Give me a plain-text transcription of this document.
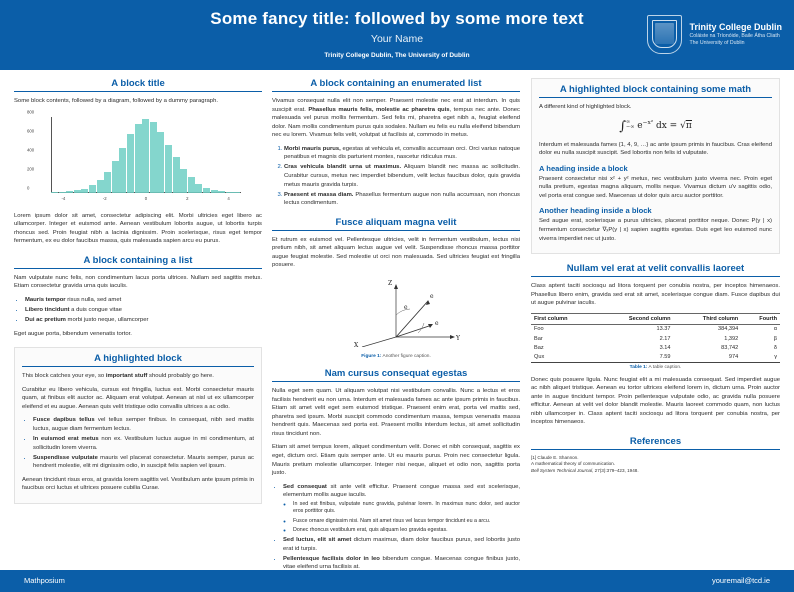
Some fancy title: followed by some more text
Your Name
Trinity College Dublin, The University of Dublin
Trinity College Dublin
Coláiste na Tríonóide, Baile Átha Cliath
The University of Dublin
A block title

Some block contents, followed by a diagram, followed by a dummy paragraph.

-4	-2	0	2	4
0
200
400
600
800

Lorem ipsum dolor sit amet, consectetur adipiscing elit. Morbi ultricies eget libero ac ullamcorper. Integer et euismod ante. Aenean vestibulum lobortis augue, ut lobortis turpis rhoncus sed. Proin feugiat nibh a lacinia dignissim. Proin scelerisque, risus eget tempor fermentum, ex eu dolor faucibus massa, quis malesuada sapien arcu eu purus.

A block containing a list

Nam vulputate nunc felis, non condimentum lacus porta ultrices. Nullam sed sagittis metus. Etiam consectetur gravida urna quis iaculis.

• Mauris tempor risus nulla, sed amet
• Libero tincidunt a duis congue vitae
• Dui ac pretium morbi justo neque, ullamcorper

Eget augue porta, bibendum venenatis tortor.

A highlighted block

This block catches your eye, so important stuff should probably go here.

Curabitur eu libero vehicula, cursus est fringilla, luctus est. Morbi consectetur mauris quam, at finibus elit auctor ac. Aliquam erat volutpat. Aenean at nisl ut ex ullamcorper eleifend et eu augue. Aenean quis velit tristique odio convallis ultrices a ac odio.

• Fusce dapibus tellus vel tellus semper finibus. In consequat, nibh sed mattis luctus, augue diam fermentum lectus.
• In euismod erat metus non ex. Vestibulum luctus augue in mi condimentum, at sollicitudin lorem viverra.
• Suspendisse vulputate mauris vel placerat consectetur. Mauris semper, purus ac hendrerit molestie, elit mi dignissim odio, in suscipit felis sapien vel ipsum.

Aenean tincidunt risus eros, at gravida lorem sagittis vel. Vestibulum ante ipsum primis in faucibus orci luctus et ultrices posuere cubilia Curae.

A block containing an enumerated list

Vivamus consequat nulla elit non semper. Praesent molestie nec erat at interdum. In quis suscipit erat. Phasellus mauris felis, molestie ac pharetra quis, tempus nec ante. Donec malesuada vel purus mollis fermentum. Sed felis mi, pharetra eget nibh a, feugiat eleifend dolor. Nam mollis condimentum purus quis sodales. Nullam eu felis eu nulla eleifend bibendum nec eu lorem. Vivamus felis velit, volutpat ut facilisis at, commodo in metus.

1. Morbi mauris purus, egestas at vehicula et, convallis accumsan orci. Orci varius natoque penatibus et magnis dis parturient montes, nascetur ridiculus mus.
2. Cras vehicula blandit urna ut maximus. Aliquam blandit nec massa ac sollicitudin. Curabitur cursus, metus nec imperdiet bibendum, velit lectus faucibus dolor, quis gravida metus mauris gravida turpis.
3. Praesent et massa diam. Phasellus fermentum augue non nulla accumsan, non rhoncus lectus condimentum.
Fusce aliquam magna velit

Et rutrum ex euismod vel. Pellentesque ultricies, velit in fermentum vestibulum, lectus nisi pretium nibh, sit amet aliquam lectus augue vel velit. Suspendisse rhoncus massa porttitor augue feugiat molestie. Sed molestie ut orci non malesuada. Sed ultricies feugiat est fringilla posuere.

Z
Y
X
e
e
e
Figure 1: Another figure caption.
Nam cursus consequat egestas

Nulla eget sem quam. Ut aliquam volutpat nisi vestibulum convallis. Nunc a lectus et eros facilisis hendrerit eu non urna. Interdum et malesuada fames ac ante ipsum primis in faucibus. Etiam sit amet velit eget sem euismod tristique. Praesent enim erat, porta vel mattis sed, pharetra sed ipsum. Morbi suscipit commodo condimentum massa, tempus venenatis massa hendrerit quis. Maecenas sed porta est. Praesent mollis interdum lectus, sit amet sollicitudin risus tincidunt non.

Etiam sit amet tempus lorem, aliquet condimentum velit. Donec et nibh consequat, sagittis ex eget, dictum orci. Etiam quis semper ante. Ut eu mauris purus. Proin nec consectetur ligula. Mauris pretium molestie ullamcorper. Integer nisi neque, aliquet et odio non, sagittis porta justo.

• Sed consequat sit ante velit efficitur. Praesent congue massa sed est scelerisque, elementum mollis augue iaculis.
◦ In sed est finibus, vulputate nunc gravida, pulvinar lorem. In maximus nunc dolor, sed auctor eros porttitor quis.
◦ Fusce ornare dignissim nisi. Nam sit amet risus vel lacus tempor tincidunt eu a arcu.
◦ Donec rhoncus vestibulum erat, quis aliquam leo gravida egestas.
• Sed luctus, elit sit amet dictum maximus, diam dolor faucibus purus, sed lobortis justo erat id turpis.
• Pellentesque facilisis dolor in leo bibendum congue. Maecenas congue finibus justo, vitae eleifend urna facilisis at.
A highlighted block containing some math

A different kind of highlighted block.

∫∞
−∞ $e^{-x^2}$ dx = √π

Interdum et malesuada fames {1, 4, 9, …} ac ante ipsum primis in faucibus. Cras eleifend dolor eu nulla suscipit suscipit. Sed lobortis non felis id vulputate.

A heading inside a block

Praesent consectetur nisi x² + y² metus, nec vestibulum justo viverra nec. Proin eget nulla pretium, egestas magna aliquam, mollis neque. Vivamus dictum u'v sagittis odio, vel porta erat congue sed. Maecenas ut dolor quis arcu auctor porttitor.

Another heading inside a block

Sed augue erat, scelerisque a purus ultricies, placerat porttitor neque. Donec P(y | x) fermentum consectetur ∇ₓP(y | x) sapien sagittis egestas. Duis eget leo euismod nunc viverra imperdiet nec ut justo.

Nullam vel erat at velit convallis laoreet

Class aptent taciti sociosqu ad litora torquent per conubia nostra, per inceptos himenaeos. Phasellus libero enim, gravida sed erat sit amet, scelerisque congue diam. Fusce dapibus dui ut augue pulvinar iaculis.

First column	Second column	Third column	Fourth
Foo	13.37	384,394	α
Bar	2.17	1,392	β
Baz	3.14	83,742	δ
Qux	7.59	974	γ
Table 1: A table caption.

Donec quis posuere ligula. Nunc feugiat elit a mi malesuada consequat. Sed imperdiet augue ac nibh aliquet tristique. Aenean eu tortor ultrices eleifend lorem in, dictum urna. Proin auctor ante in augue tincidunt tempor. Proin pellentesque vulputate odio, ac gravida nulla posuere efficitur. Aenean at velit vel dolor blandit molestie. Mauris laoreet commodo quam, non luctus nibh ullamcorper in. Class aptent taciti sociosqu ad litora torquent per conubia nostra, per inceptos himenaeos.

References
[1] Claude E. Shannon.
A mathematical theory of communication.
Bell System Technical Journal, 27(3):379–423, 1948.
Mathposium	youremail@tcd.ie
